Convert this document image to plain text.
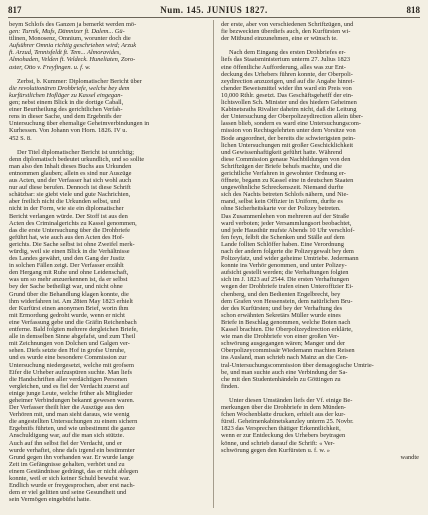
817	Num. 145. JUNIUS 1827.	818
beym Schlofs des Ganzen ja bemerkt werden mö-
gen: Turnik, Mufs, Dämnizer ft. Dalem... Gü-
ttlinen, Monosenz, Omnium, worunter doch die
Aufsührer Omnia richtig geschrieben wird; Arzuk
ft. Arzud, Tennisfeldt ft. Tem... Almoravides,
Almohaden, Velden ft. Veldeck. Huneliaten, Zoro-
aster, Otto v. Freyfingen. u. f. w.
Zerbst, b. Kummer: Diplomatischer Bericht über
die revolutionären Drohbriefe, welche bey dem
kurfürstlichen Hofläger zu Kassel eingegan-
gen; nebst einem Blick in die dortige Caball,
einer Beurtheilung des gerichtlichen Verfah-
rens in dieser Sache, und dem Ergebnifs der
Untersuchung über ehemalige Geheimverbindungen in
Kurhessen. Von Johann von Horn. 1826. IV u.
452 S. 8.
Der Titel diplomatischer Bericht ist unrichtig;
denn diplomatisch bedeutet urkundlich, und so sollte
man also den Inhalt dieses Buchs aus Urkunden
entnommen glauben; allein es sind nur Auszüge
aus Acten, und der Verfasser hat sich wohl auch
nur auf diese berufen. Dennoch ist diese Schrift
schätzbar: sie giebt viele und gute Nachrichten,
aber freilich nicht die Urkunden selbst, und
nicht in der Form, wie sie ein diplomatischer
Bericht verlangen würde. Der Stoff ist aus den
Acten des Criminalgerichts zu Kassel genommen,
das die erste Untersuchung über die Drohbriefe
geführt hat, wie auch aus den Acten des Hof-
gerichts. Die Sache selbst ist ohne Zweifel merk-
würdig, weil sie einen Blick in die Verhältnisse
des Landes gewährt, und den Gang der Justiz
in solchen Fällen zeigt. Der Verfasser erzählt
den Hergang mit Ruhe und ohne Leidenschaft,
was um so mehr anzuerkennen ist, da er selbst
bey der Sache betheiligt war, und nicht ohne
Grund über die Behandlung klagen konnte, die
ihm widerfahren ist. Am 28ten May 1823 erhielt
der Kurfürst einen anonymen Brief, worin ihm
mit Ermordung gedroht wurde, wenn er nicht
eine Verfassung gebe und die Gräfin Reichenbach
entferne. Bald folgten mehrere dergleichen Briefe,
alle in demselben Sinne abgefafst, und zum Theil
mit Zeichnungen von Dolchen und Galgen ver-
sehen. Diefs setzte den Hof in grofse Unruhe,
und es wurde eine besondere Commission zur
Untersuchung niedergesetzt, welche mit grofsem
Eifer die Urheber aufzuspüren suchte. Man liefs
die Handschriften aller verdächtigen Personen
vergleichen, und es fiel der Verdacht zuerst auf
einige junge Leute, welche früher als Mitglieder
geheimer Verbindungen bekannt gewesen waren.
Der Verfasser theilt hier die Auszüge aus den
Verhören mit, und man sieht daraus, wie wenig
die angestellten Untersuchungen zu einem sichern
Ergebnifs führten, und wie unbestimmt die ganze
Anschuldigung war, auf die man sich stützte.
Auch auf ihn selbst fiel der Verdacht, und er
wurde verhaftet, ohne dafs irgend ein bestimmter
Grund gegen ihn vorhanden war. Er wurde lange
Zeit im Gefängnisse gehalten, verhört und zu
einem Geständnisse gedrängt, das er nicht ablegen
konnte, weil er sich keiner Schuld bewufst war.
Endlich wurde er freygesprochen, aber erst nach-
dem er viel gelitten und seine Gesundheit und
sein Vermögen eingebüfst hatte.
der erste, aber von verschiedenen Schriftzügen, und
fie bezweckten überdiefs auch, den Kurfürsten wi-
der Mitbund einzunehmen, eine er wünsch te.
Nach dem Eingang des ersten Drohbriefes er-
liefs das Staatsministerium unterm 27. Julius 1823
eine öffentliche Aufforderung, alles was zur Ent-
deckung des Urhebers führen konnte, der Oberpoli-
zeydirection anzuzeigen, und auf die Angabe hinrei-
chender Beweismittel wider ihn ward ein Preis von
10,000 Rthlr. gesetzt. Das Geschäftsgeheiff der ein-
lichtsvollen Sch. Minister und des hiedern Geheimen
Kabinetsraths Rivalier daheim nicht, daß die Leitung
der Untersuchung der Oberpolizeydirection allein über-
lassen blieb, sondern es ward eine Untersuchungscom-
mission von Rechtsgelehrten unter dem Vorsitze von
Bode angeordnet, der bereits die schwierigsten pein-
lichen Untersuchungen mit großer Geschicklichkeit
und Gewissenhaftigkeit geführt hatte. Während
diese Commission genaue Nachbildungen von den
Schriftzügen der Briefe behufs machte, und die
gerichtliche Verfahren in gewohnter Ordnung er-
öffnete, begann zu Kassel eine in deutschen Staaten
ungewöhnliche Schreckenszeit. Niemand durfte
sich des Nachts betreten Schlofs nähern, und Nie-
mand, selbst kein Offizier in Uniform, durfte es
ohne Sicherheitskarte vor der Polizey betreten.
Das Zusammenlehen von mehreren auf der Straße
ward verboten; jeder Versammlungsort beobachtet,
und jede Hausthür mufste Abends 10 Uhr verschlof-
fen feyn, felbft die Schenken und Ställe auf dem
Lande follten Schlöffer haben. Eine Verordnung
nach der andern folgerte die Polizeygewalt bey dem
Polizeyfatz, und wider geheime Umtriebe. Jedermann
konnte ins Verhör genommen, und unter Polizey-
aufsicht gestellt werden; die Verhaftungen folgten
sich im J. 1823 auf 2544. Die ersten Verhaftungen
wegen der Drohbriefe trafen einen Unteroffizier Ei-
chenberg, und den Bedienten Engelbrecht, bey
dem Grafen von Hessenstein, dem natürlichen Bru-
der des Kurfürsten; und bey der Verhaftung des
schon erwähnten Sekretärs Müller wurde eines
Briefe in Beschlag genommen, welche Boten nach
Kassel brachten. Die Oberpolizeydirection erklärte,
wie man die Drohbriefe von einer großen Ver-
schwörung ausgegangen wären; Manger und der
Oberpolizeycommissär Wiedemann machten Reisen
ins Ausland, man schrieb nach Mainz an die Cen-
tral-Untersuchungscommission über demagogische Umtrie-
be, und man suchte auch eine Verbindung der Sa-
che mit den Studentenhändeln zu Göttingen zu
finden.
Unter diesen Umständen liefs der Vf. einige Be-
merkungen über die Drohbriefe in dem Münden-
fchen Wochenblatte drucken, erhielt aus der kur-
fürstl. Geheimenkabinetskanzley unterm 25. Novbr.
1823 das Versprechen thätiger Erkenntlichkeit,
wenn er zur Entdeckung des Urhebers beytragen
könne, und schrieb darauf die Schrift: « Ver-
schwörung gegen den Kurfürsten u. f. w. »
wandte
